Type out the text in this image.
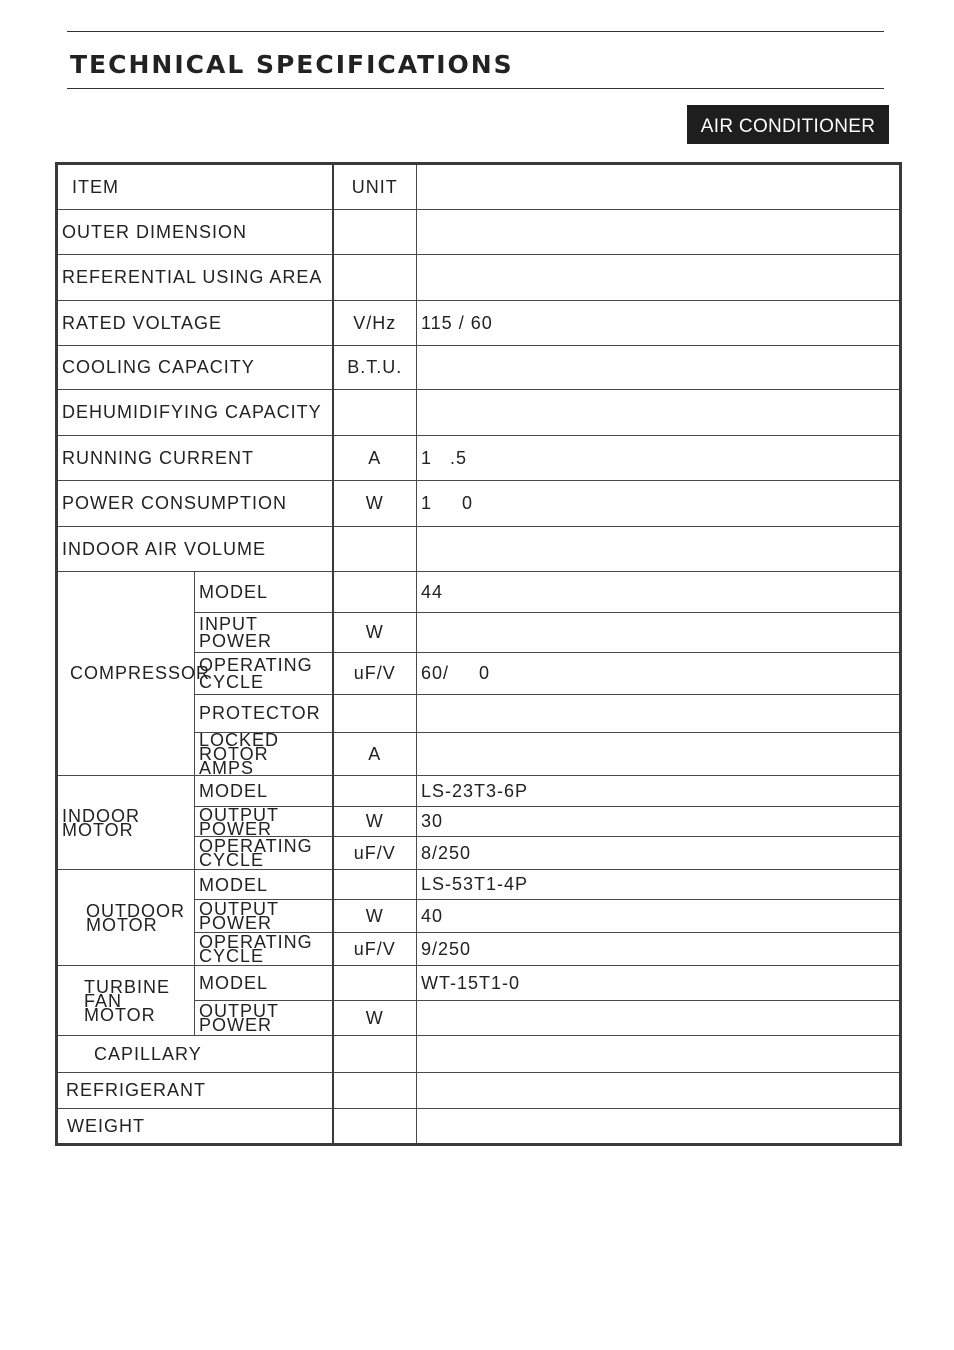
TECHNICAL SPECIFICATIONS
AIR CONDITIONER
ITEM		UNIT	
OUTER DIMENSION			
REFERENTIAL USING AREA			
RATED VOLTAGE		V/Hz	115 / 60
COOLING CAPACITY		B.T.U.	
DEHUMIDIFYING CAPACITY			
RUNNING CURRENT		A	1   .5
POWER CONSUMPTION		W	1     0
INDOOR AIR VOLUME			
COMPRESSOR	MODEL		44
	INPUT POWER	W	
	OPERATING CYCLE	uF/V	60/     0
	PROTECTOR		
	LOCKED ROTOR AMPS	A	
INDOOR MOTOR	MODEL		LS-23T3-6P
	OUTPUT POWER	W	30
	OPERATING CYCLE	uF/V	8/250
OUTDOOR MOTOR	MODEL		LS-53T1-4P
	OUTPUT POWER	W	40
	OPERATING CYCLE	uF/V	9/250
TURBINE FAN MOTOR	MODEL		WT-15T1-0
	OUTPUT POWER	W	
CAPILLARY			
REFRIGERANT			
WEIGHT			
